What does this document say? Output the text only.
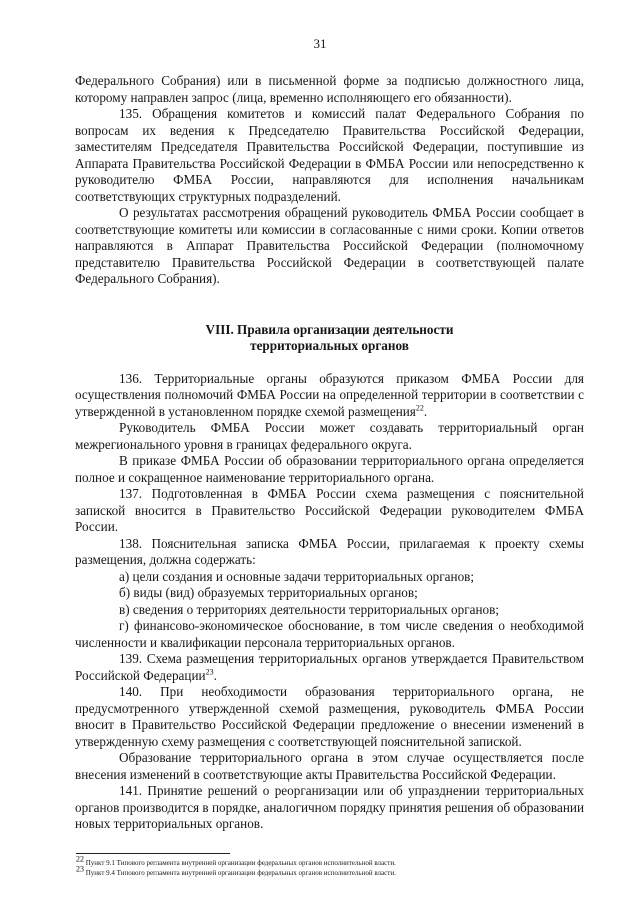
31

Федерального Собрания) или в письменной форме за подписью должностного лица, которому направлен запрос (лица, временно исполняющего его обязанности).

135. Обращения комитетов и комиссий палат Федерального Собрания по вопросам их ведения к Председателю Правительства Российской Федерации, заместителям Председателя Правительства Российской Федерации, поступившие из Аппарата Правительства Российской Федерации в ФМБА России или непосредственно к руководителю ФМБА России, направляются для исполнения начальникам соответствующих структурных подразделений.

О результатах рассмотрения обращений руководитель ФМБА России сообщает в соответствующие комитеты или комиссии в согласованные с ними сроки. Копии ответов направляются в Аппарат Правительства Российской Федерации (полномочному представителю Правительства Российской Федерации в соответствующей палате Федерального Собрания).

VIII. Правила организации деятельности
территориальных органов

136. Территориальные органы образуются приказом ФМБА России для осуществления полномочий ФМБА России на определенной территории в соответствии с утвержденной в установленном порядке схемой размещения$^{22}$.

Руководитель ФМБА России может создавать территориальный орган межрегионального уровня в границах федерального округа.

В приказе ФМБА России об образовании территориального органа определяется полное и сокращенное наименование территориального органа.

137. Подготовленная в ФМБА России схема размещения с пояснительной запиской вносится в Правительство Российской Федерации руководителем ФМБА России.

138. Пояснительная записка ФМБА России, прилагаемая к проекту схемы размещения, должна содержать:

а) цели создания и основные задачи территориальных органов;

б) виды (вид) образуемых территориальных органов;

в) сведения о территориях деятельности территориальных органов;

г) финансово-экономическое обоснование, в том числе сведения о необходимой численности и квалификации персонала территориальных органов.

139. Схема размещения территориальных органов утверждается Правительством Российской Федерации$^{23}$.

140. При необходимости образования территориального органа, не предусмотренного утвержденной схемой размещения, руководитель ФМБА России вносит в Правительство Российской Федерации предложение о внесении изменений в утвержденную схему размещения с соответствующей пояснительной запиской.

Образование территориального органа в этом случае осуществляется после внесения изменений в соответствующие акты Правительства Российской Федерации.

141. Принятие решений о реорганизации или об упразднении территориальных органов производится в порядке, аналогичном порядку принятия решения об образовании новых территориальных органов.

$^{22}$ Пункт 9.1 Типового регламента внутренней организации федеральных органов исполнительной власти.
$^{23}$ Пункт 9.4 Типового регламента внутренней организации федеральных органов исполнительной власти.
